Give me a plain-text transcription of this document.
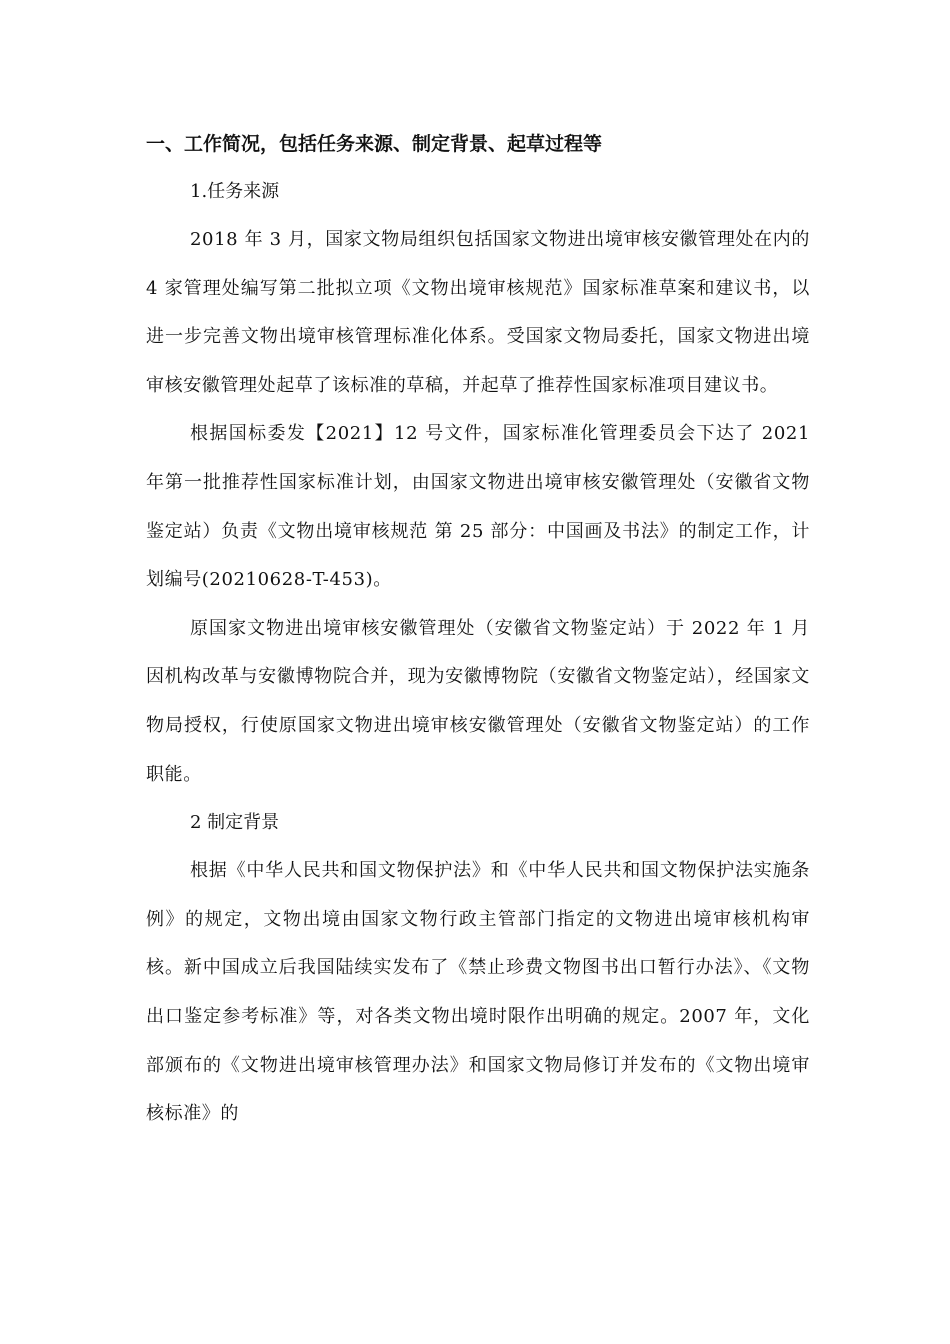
一、工作简况，包括任务来源、制定背景、起草过程等

1.任务来源

2018 年 3 月，国家文物局组织包括国家文物进出境审核安徽管理处在内的 4 家管理处编写第二批拟立项《文物出境审核规范》国家标准草案和建议书，以进一步完善文物出境审核管理标准化体系。受国家文物局委托，国家文物进出境审核安徽管理处起草了该标准的草稿，并起草了推荐性国家标准项目建议书。

根据国标委发【2021】12 号文件，国家标准化管理委员会下达了 2021 年第一批推荐性国家标准计划，由国家文物进出境审核安徽管理处（安徽省文物鉴定站）负责《文物出境审核规范 第 25 部分：中国画及书法》的制定工作，计划编号(20210628-T-453)。

原国家文物进出境审核安徽管理处（安徽省文物鉴定站）于 2022 年 1 月因机构改革与安徽博物院合并，现为安徽博物院（安徽省文物鉴定站），经国家文物局授权，行使原国家文物进出境审核安徽管理处（安徽省文物鉴定站）的工作职能。

2 制定背景

根据《中华人民共和国文物保护法》和《中华人民共和国文物保护法实施条例》的规定，文物出境由国家文物行政主管部门指定的文物进出境审核机构审核。新中国成立后我国陆续实发布了《禁止珍费文物图书出口暂行办法》、《文物出口鉴定参考标准》等，对各类文物出境时限作出明确的规定。2007 年，文化部颁布的《文物进出境审核管理办法》和国家文物局修订并发布的《文物出境审核标准》的
